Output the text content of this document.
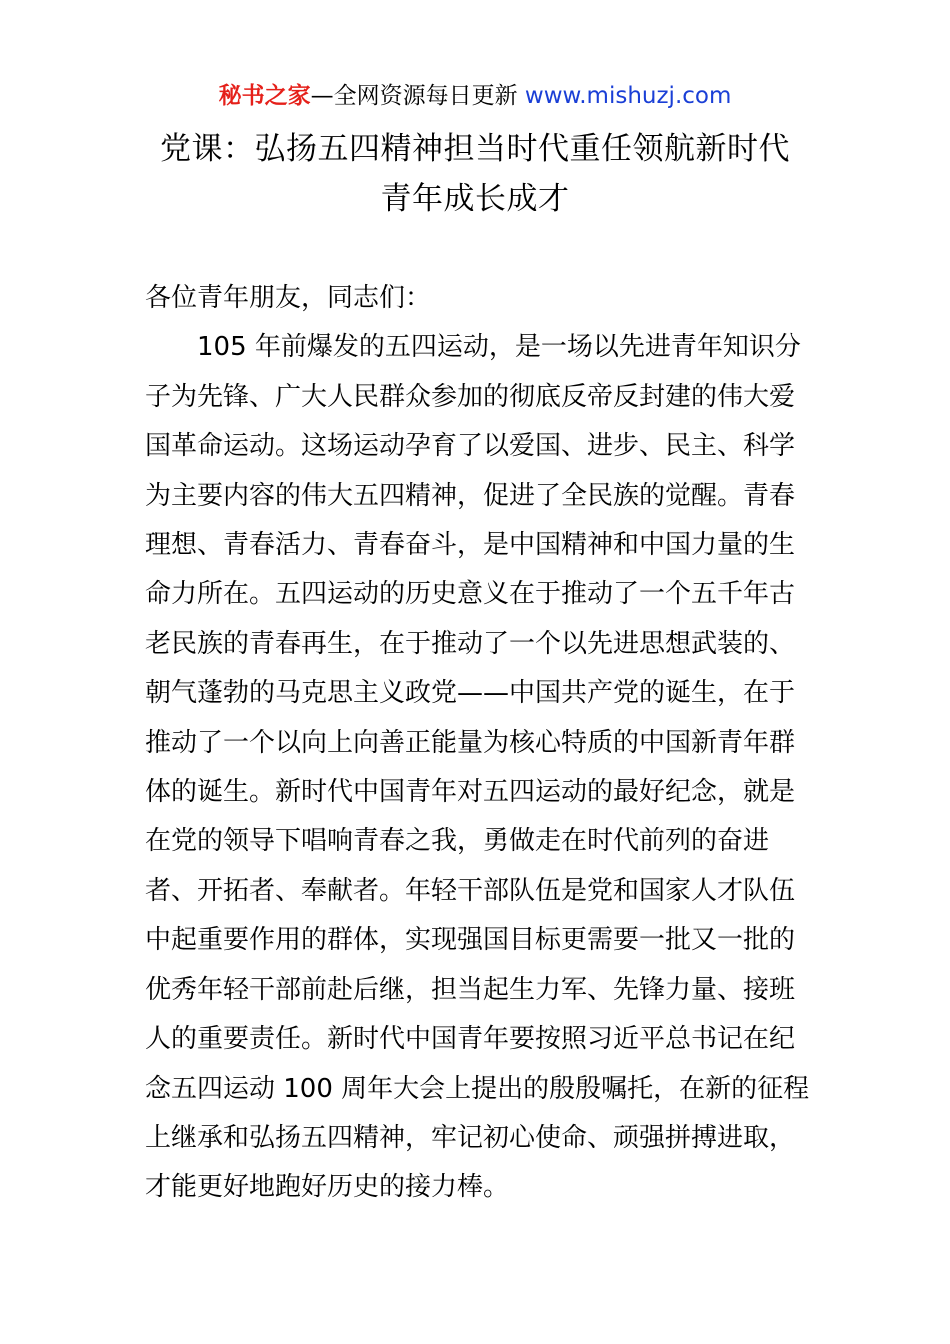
秘书之家—全网资源每日更新 www.mishuzj.com
党课：弘扬五四精神担当时代重任领航新时代
青年成长成才

各位青年朋友，同志们：

105 年前爆发的五四运动，是一场以先进青年知识分
子为先锋、广大人民群众参加的彻底反帝反封建的伟大爱
国革命运动。这场运动孕育了以爱国、进步、民主、科学
为主要内容的伟大五四精神，促进了全民族的觉醒。青春
理想、青春活力、青春奋斗，是中国精神和中国力量的生
命力所在。五四运动的历史意义在于推动了一个五千年古
老民族的青春再生，在于推动了一个以先进思想武装的、
朝气蓬勃的马克思主义政党——中国共产党的诞生，在于
推动了一个以向上向善正能量为核心特质的中国新青年群
体的诞生。新时代中国青年对五四运动的最好纪念，就是
在党的领导下唱响青春之我，勇做走在时代前列的奋进
者、开拓者、奉献者。年轻干部队伍是党和国家人才队伍
中起重要作用的群体，实现强国目标更需要一批又一批的
优秀年轻干部前赴后继，担当起生力军、先锋力量、接班
人的重要责任。新时代中国青年要按照习近平总书记在纪
念五四运动 100 周年大会上提出的殷殷嘱托，在新的征程
上继承和弘扬五四精神，牢记初心使命、顽强拼搏进取，
才能更好地跑好历史的接力棒。
